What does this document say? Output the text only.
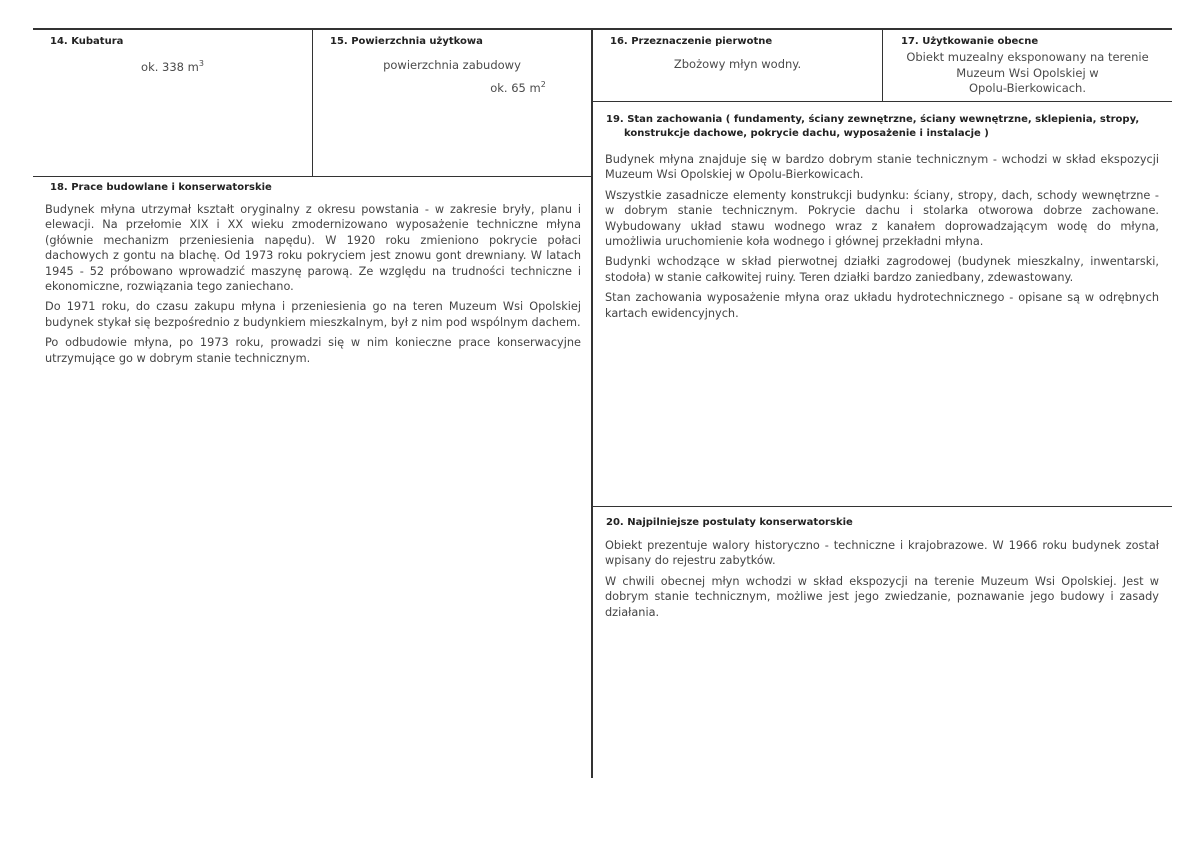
14. Kubatura
ok. 338 $m^3$
15. Powierzchnia użytkowa
powierzchnia zabudowy
ok. 65 $m^2$
16. Przeznaczenie pierwotne
Zbożowy młyn wodny.
17. Użytkowanie obecne
Obiekt muzealny eksponowany na terenie
Muzeum Wsi Opolskiej w
Opolu-Bierkowicach.
18. Prace budowlane i konserwatorskie

Budynek młyna utrzymał kształt oryginalny z okresu powstania - w zakresie bryły, planu i elewacji. Na przełomie XIX i XX wieku zmodernizowano wyposażenie techniczne młyna (głównie mechanizm przeniesienia napędu). W 1920 roku zmieniono pokrycie połaci dachowych z gontu na blachę. Od 1973 roku pokryciem jest znowu gont drewniany. W latach 1945 - 52 próbowano wprowadzić maszynę parową. Ze względu na trudności techniczne i ekonomiczne, rozwiązania tego zaniechano.

Do 1971 roku, do czasu zakupu młyna i przeniesienia go na teren Muzeum Wsi Opolskiej budynek stykał się bezpośrednio z budynkiem mieszkalnym, był z nim pod wspólnym dachem.

Po odbudowie młyna, po 1973 roku, prowadzi się w nim konieczne prace konserwacyjne utrzymujące go w dobrym stanie technicznym.

19. Stan zachowania ( fundamenty, ściany zewnętrzne, ściany wewnętrzne, sklepienia, stropy,
konstrukcje dachowe, pokrycie dachu, wyposażenie i instalacje )

Budynek młyna znajduje się w bardzo dobrym stanie technicznym - wchodzi w skład ekspozycji Muzeum Wsi Opolskiej w Opolu-Bierkowicach.

Wszystkie zasadnicze elementy konstrukcji budynku: ściany, stropy, dach, schody wewnętrzne - w dobrym stanie technicznym. Pokrycie dachu i stolarka otworowa dobrze zachowane. Wybudowany układ stawu wodnego wraz z kanałem doprowadzającym wodę do młyna, umożliwia uruchomienie koła wodnego i głównej przekładni młyna.

Budynki wchodzące w skład pierwotnej działki zagrodowej (budynek mieszkalny, inwentarski, stodoła) w stanie całkowitej ruiny. Teren działki bardzo zaniedbany, zdewastowany.

Stan zachowania wyposażenie młyna oraz układu hydrotechnicznego - opisane są w odrębnych kartach ewidencyjnych.

20. Najpilniejsze postulaty konserwatorskie

Obiekt prezentuje walory historyczno - techniczne i krajobrazowe. W 1966 roku budynek został wpisany do rejestru zabytków.

W chwili obecnej młyn wchodzi w skład ekspozycji na terenie Muzeum Wsi Opolskiej. Jest w dobrym stanie technicznym, możliwe jest jego zwiedzanie, poznawanie jego budowy i zasady działania.
